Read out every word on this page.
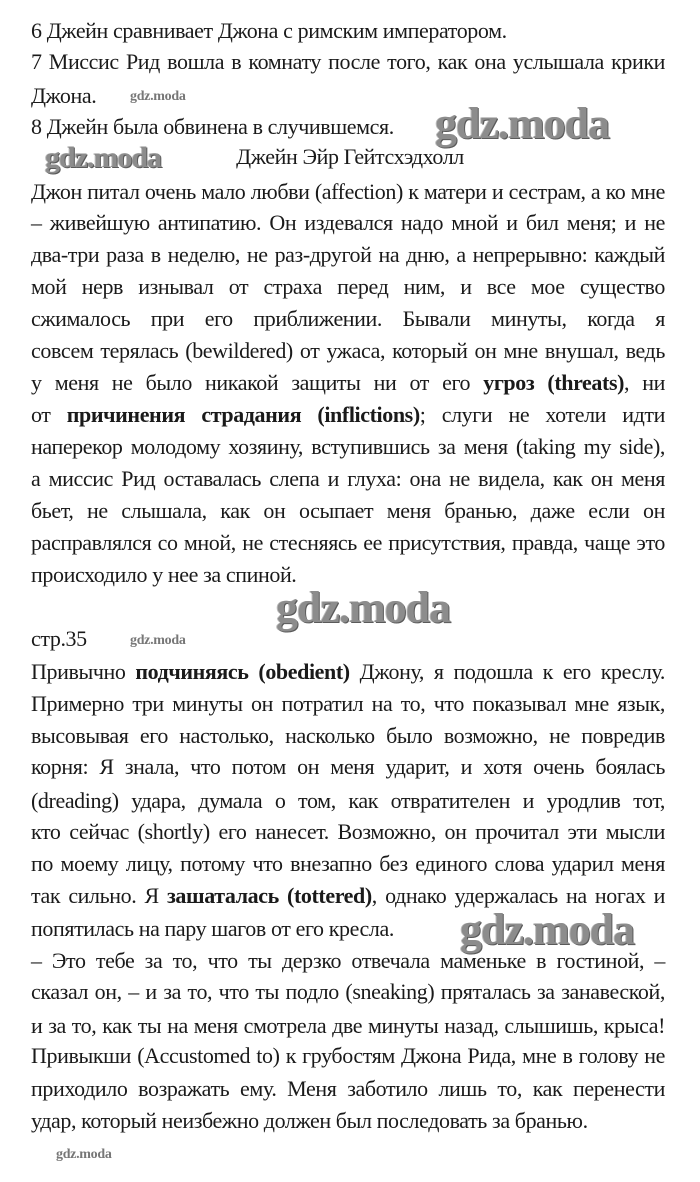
6 Джейн сравнивает Джона с римским императором.
7 Миссис Рид вошла в комнату после того, как она услышала крики
Джона.
8 Джейн была обвинена в случившемся.
Джейн Эйр Гейтсхэдхолл
Джон питал очень мало любви (affection) к матери и сестрам, а ко мне
– живейшую антипатию. Он издевался надо мной и бил меня; и не
два-три раза в неделю, не раз-другой на дню, а непрерывно: каждый
мой нерв изнывал от страха перед ним, и все мое существо
сжималось при его приближении. Бывали минуты, когда я
совсем терялась (bewildered) от ужаса, который он мне внушал, ведь
у меня не было никакой защиты ни от его угроз (threats), ни
от причинения страдания (inflictions); слуги не хотели идти
наперекор молодому хозяину, вступившись за меня (taking my side),
а миссис Рид оставалась слепа и глуха: она не видела, как он меня
бьет, не слышала, как он осыпает меня бранью, даже если он
расправлялся со мной, не стесняясь ее присутствия, правда, чаще это
происходило у нее за спиной.
стр.35
Привычно подчиняясь (obedient) Джону, я подошла к его креслу.
Примерно три минуты он потратил на то, что показывал мне язык,
высовывая его настолько, насколько было возможно, не повредив
корня: Я знала, что потом он меня ударит, и хотя очень боялась
(dreading) удара, думала о том, как отвратителен и уродлив тот,
кто сейчас (shortly) его нанесет. Возможно, он прочитал эти мысли
по моему лицу, потому что внезапно без единого слова ударил меня
так сильно. Я зашаталась (tottered), однако удержалась на ногах и
попятилась на пару шагов от его кресла.
– Это тебе за то, что ты дерзко отвечала маменьке в гостиной, –
сказал он, – и за то, что ты подло (sneaking) пряталась за занавеской,
и за то, как ты на меня смотрела две минуты назад, слышишь, крыса!
Привыкши (Accustomed to) к грубостям Джона Рида, мне в голову не
приходило возражать ему. Меня заботило лишь то, как перенести
удар, который неизбежно должен был последовать за бранью.
gdz.moda
gdz.moda
gdz.moda
gdz.moda
gdz.moda
gdz.moda
gdz.moda
